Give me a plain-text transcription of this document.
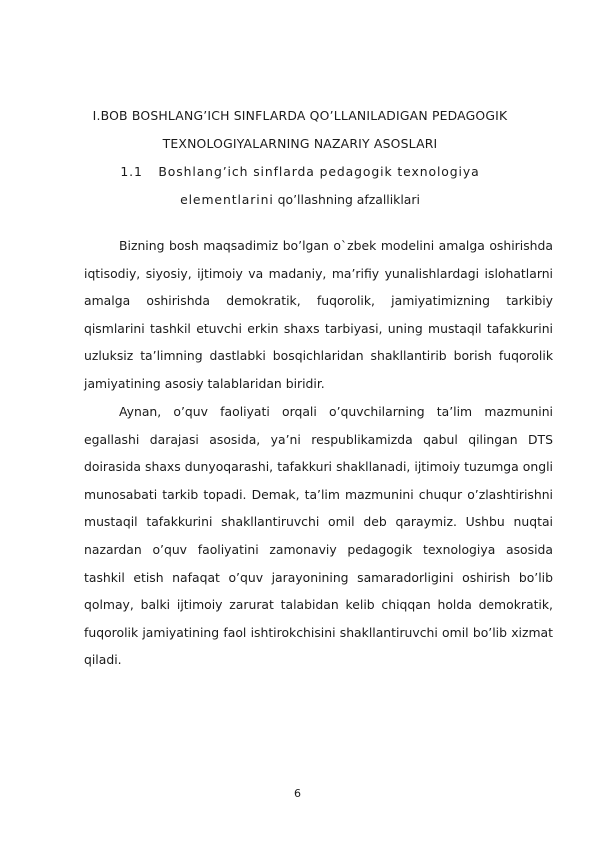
I.BOB BOSHLANG’ICH SINFLARDA QO’LLANILADIGAN PEDAGOGIK
TEXNOLOGIYALARNING NAZARIY ASOSLARI
1.1 Boshlang’ich sinflarda pedagogik texnologiya
elementlarini qo’llashning afzalliklari

Bizning bosh maqsadimiz bo’lgan o`zbek modelini amalga oshirishda iqtisodiy, siyosiy, ijtimoiy va madaniy, ma’rifiy yunalishlardagi islohatlarni amalga oshirishda demokratik, fuqorolik, jamiyatimizning tarkibiy qismlarini tashkil etuvchi erkin shaxs tarbiyasi, uning mustaqil tafakkurini uzluksiz ta’limning dastlabki bosqichlaridan shakllantirib borish fuqorolik jamiyatining asosiy talablaridan biridir.

Aynan, o’quv faoliyati orqali o’quvchilarning ta’lim mazmunini egallashi darajasi asosida, ya’ni respublikamizda qabul qilingan DTS doirasida shaxs dunyoqarashi, tafakkuri shakllanadi, ijtimoiy tuzumga ongli munosabati tarkib topadi. Demak, ta’lim mazmunini chuqur o’zlashtirishni mustaqil tafakkurini shakllantiruvchi omil deb qaraymiz. Ushbu nuqtai nazardan o’quv faoliyatini zamonaviy pedagogik texnologiya asosida tashkil etish nafaqat o’quv jarayonining samaradorligini oshirish bo’lib qolmay, balki ijtimoiy zarurat talabidan kelib chiqqan holda demokratik, fuqorolik jamiyatining faol ishtirokchisini shakllantiruvchi omil bo’lib xizmat qiladi.

6
